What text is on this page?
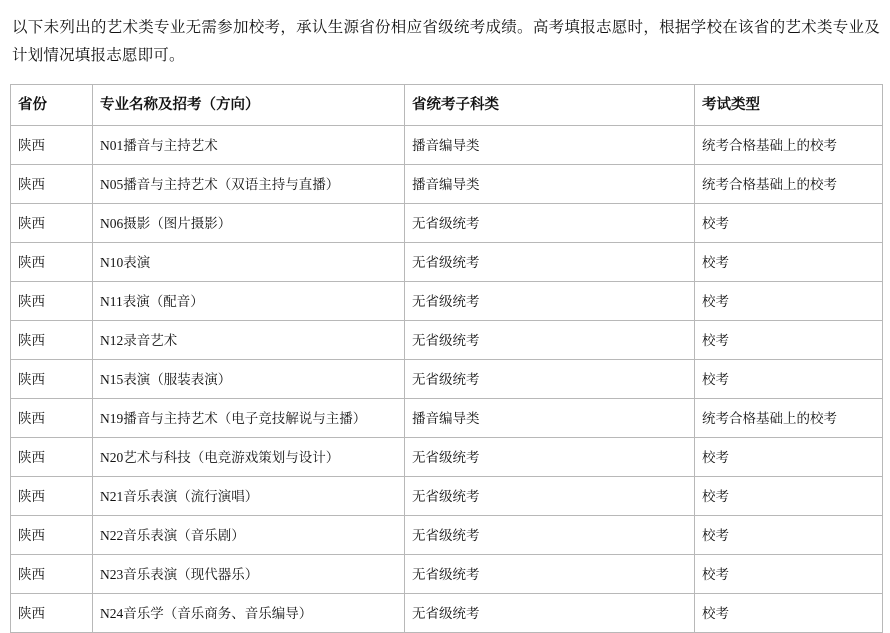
以下未列出的艺术类专业无需参加校考，承认生源省份相应省级统考成绩。高考填报志愿时，根据学校在该省的艺术类专业及计划情况填报志愿即可。

省份	专业名称及招考（方向）	省统考子科类	考试类型
陕西	N01播音与主持艺术	播音编导类	统考合格基础上的校考
陕西	N05播音与主持艺术（双语主持与直播）	播音编导类	统考合格基础上的校考
陕西	N06摄影（图片摄影）	无省级统考	校考
陕西	N10表演	无省级统考	校考
陕西	N11表演（配音）	无省级统考	校考
陕西	N12录音艺术	无省级统考	校考
陕西	N15表演（服装表演）	无省级统考	校考
陕西	N19播音与主持艺术（电子竞技解说与主播）	播音编导类	统考合格基础上的校考
陕西	N20艺术与科技（电竞游戏策划与设计）	无省级统考	校考
陕西	N21音乐表演（流行演唱）	无省级统考	校考
陕西	N22音乐表演（音乐剧）	无省级统考	校考
陕西	N23音乐表演（现代器乐）	无省级统考	校考
陕西	N24音乐学（音乐商务、音乐编导）	无省级统考	校考
